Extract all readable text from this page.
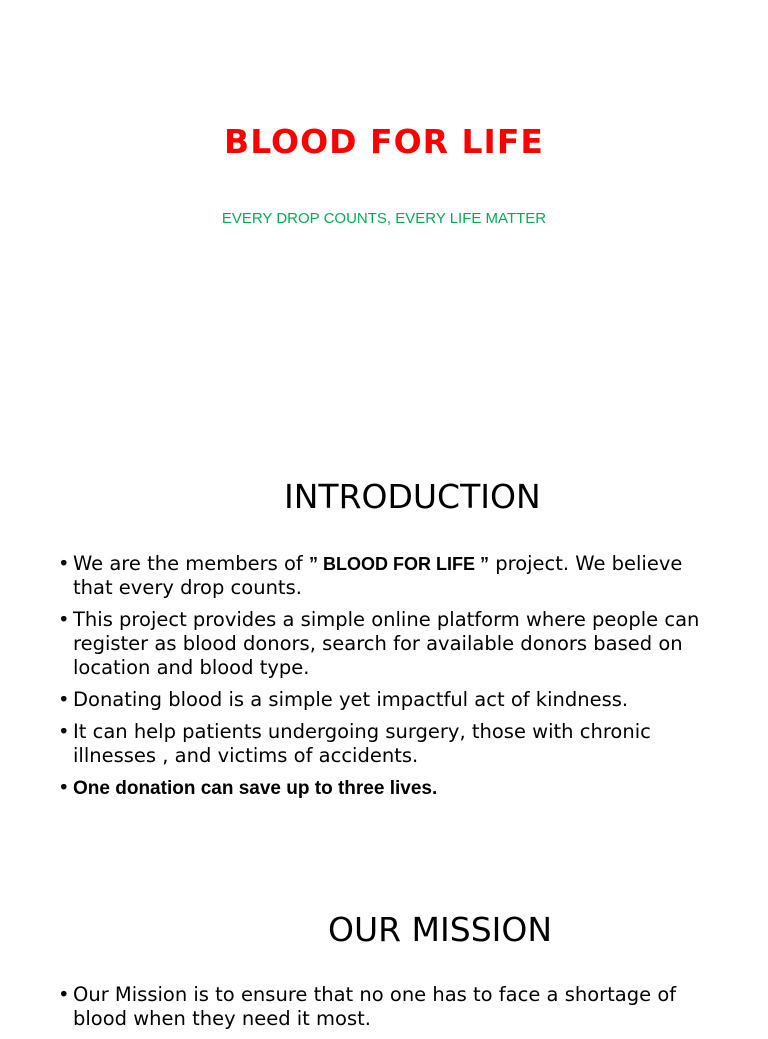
BLOOD FOR LIFE

EVERY DROP COUNTS, EVERY LIFE MATTER

INTRODUCTION
• We are the members of ” BLOOD FOR LIFE ” project. We believe that every drop counts.
• This project provides a simple online platform where people can register as blood donors, search for available donors based on location and blood type.
• Donating blood is a simple yet impactful act of kindness.
• It can help patients undergoing surgery, those with chronic illnesses , and victims of accidents.
• One donation can save up to three lives.
OUR MISSION
• Our Mission is to ensure that no one has to face a shortage of blood when they need it most.
